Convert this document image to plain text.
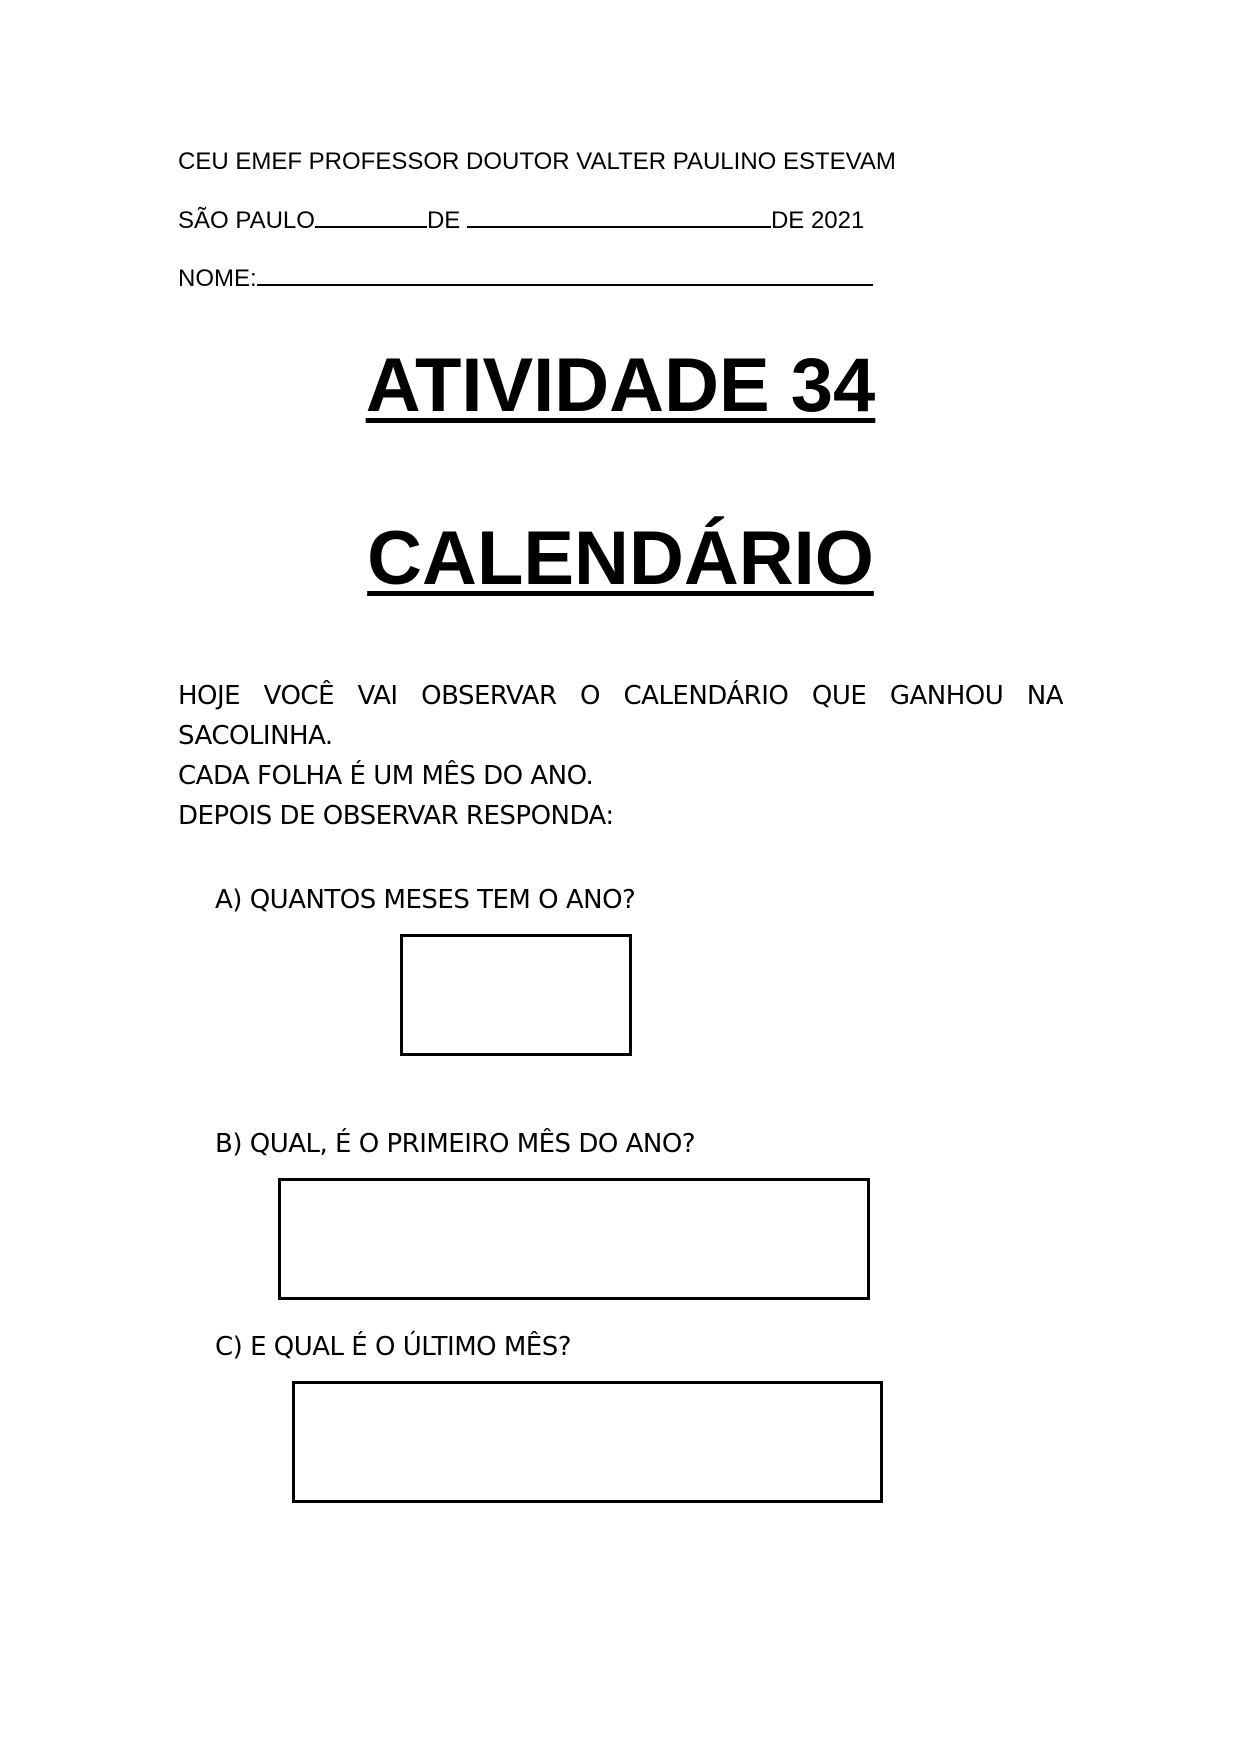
CEU EMEF PROFESSOR DOUTOR VALTER PAULINO ESTEVAM
SÃO PAULO	DE	DE 2021
NOME:
ATIVIDADE 34
CALENDÁRIO
HOJE VOCÊ VAI OBSERVAR O CALENDÁRIO QUE GANHOU NA
SACOLINHA.
CADA FOLHA É UM MÊS DO ANO.
DEPOIS DE OBSERVAR RESPONDA:
A) QUANTOS MESES TEM O ANO?
B) QUAL, É O PRIMEIRO MÊS DO ANO?
C) E QUAL É O ÚLTIMO MÊS?
